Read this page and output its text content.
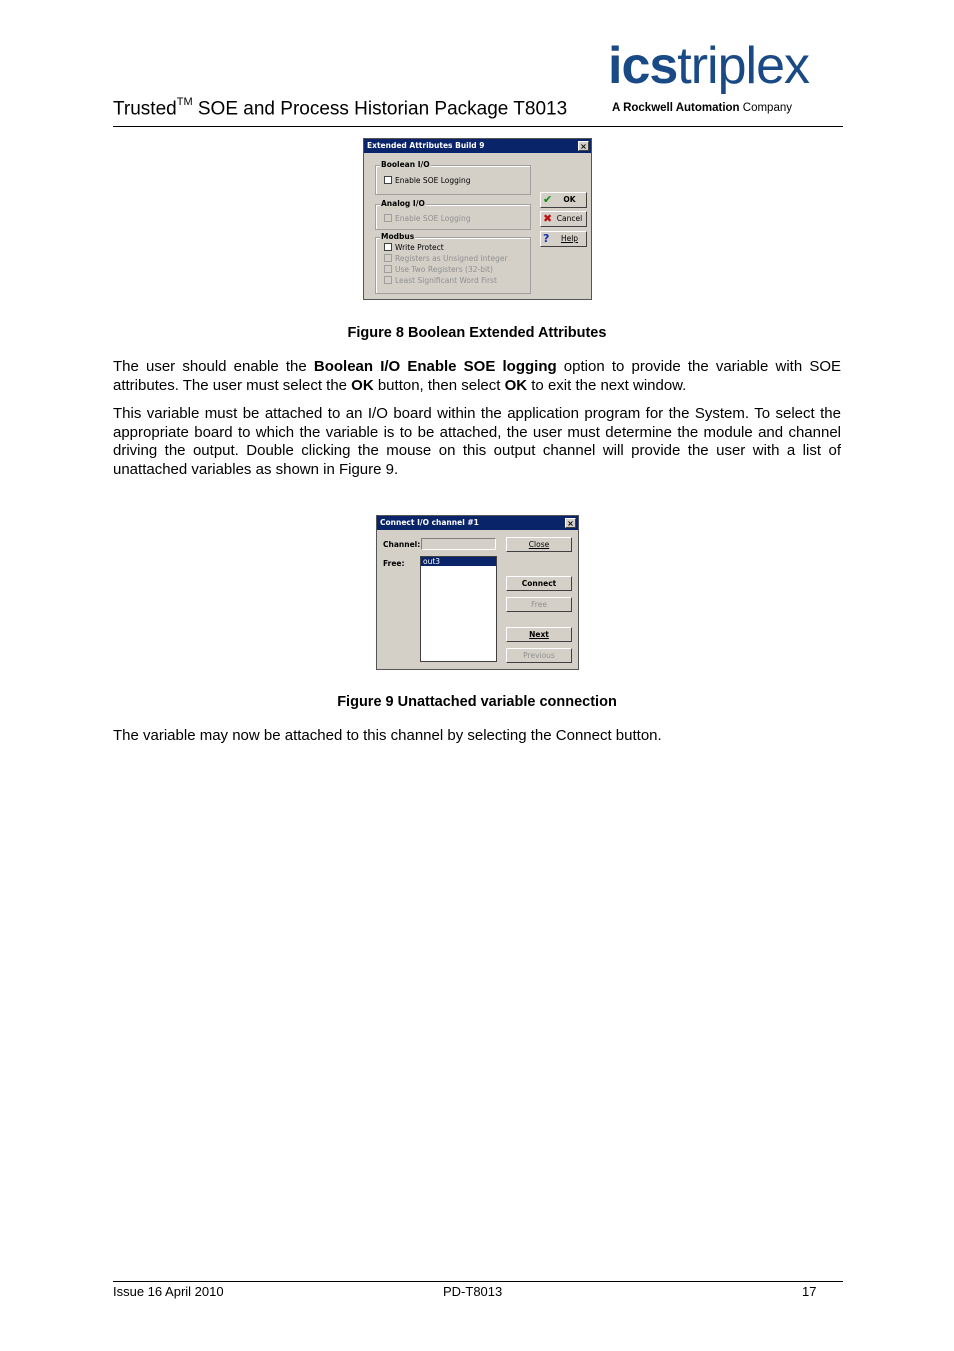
Trusted™ SOE and Process Historian Package T8013
icstriplex
A Rockwell Automation Company
Extended Attributes Build 9	×
Boolean I/O
Enable SOE Logging
Analog I/O
Enable SOE Logging
Modbus
Write Protect
Registers as Unsigned Integer
Use Two Registers (32-bit)
Least Significant Word First
✔ OK
✖ Cancel
? Help
Figure 8 Boolean Extended Attributes
The user should enable the Boolean I/O Enable SOE logging option to provide the variable with SOE attributes. The user must select the OK button, then select OK to exit the next window.
This variable must be attached to an I/O board within the application program for the System. To select the appropriate board to which the variable is to be attached, the user must determine the module and channel driving the output. Double clicking the mouse on this output channel will provide the user with a list of unattached variables as shown in Figure 9.
Connect I/O channel #1	×
Channel:
Free: out3
Close
Connect
Free
Next
Previous
Figure 9 Unattached variable connection
The variable may now be attached to this channel by selecting the Connect button.
Issue 16 April 2010	PD-T8013	17
